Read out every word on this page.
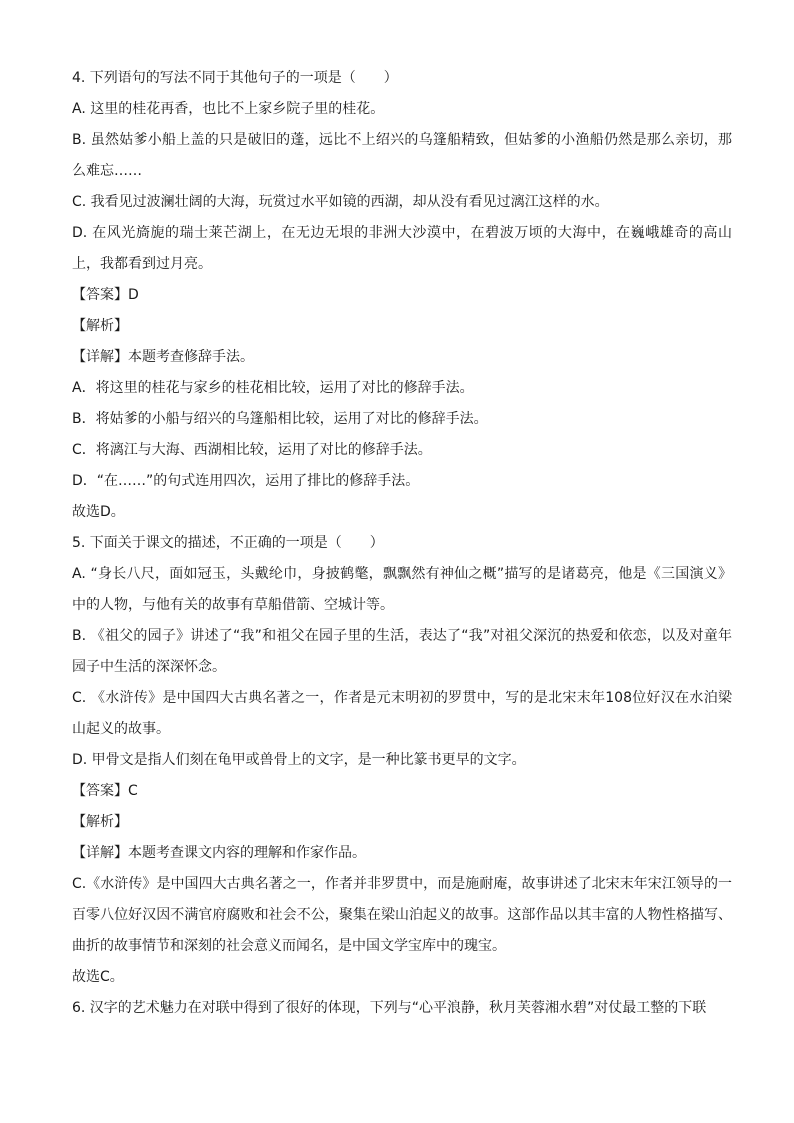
4. 下列语句的写法不同于其他句子的一项是（　　）
A. 这里的桂花再香，也比不上家乡院子里的桂花。
B. 虽然姑爹小船上盖的只是破旧的蓬，远比不上绍兴的乌篷船精致，但姑爹的小渔船仍然是那么亲切，那么难忘……
C. 我看见过波澜壮阔的大海，玩赏过水平如镜的西湖，却从没有看见过漓江这样的水。
D. 在风光旖旎的瑞士莱芒湖上，在无边无垠的非洲大沙漠中，在碧波万顷的大海中，在巍峨雄奇的高山上，我都看到过月亮。
【答案】D
【解析】
【详解】本题考查修辞手法。
A．将这里的桂花与家乡的桂花相比较，运用了对比的修辞手法。
B．将姑爹的小船与绍兴的乌篷船相比较，运用了对比的修辞手法。
C．将漓江与大海、西湖相比较，运用了对比的修辞手法。
D．“在……”的句式连用四次，运用了排比的修辞手法。
故选D。
5. 下面关于课文的描述，不正确的一项是（　　）
A. “身长八尺，面如冠玉，头戴纶巾，身披鹤氅，飘飘然有神仙之概”描写的是诸葛亮，他是《三国演义》中的人物，与他有关的故事有草船借箭、空城计等。
B. 《祖父的园子》讲述了“我”和祖父在园子里的生活，表达了“我”对祖父深沉的热爱和依恋，以及对童年园子中生活的深深怀念。
C. 《水浒传》是中国四大古典名著之一，作者是元末明初的罗贯中，写的是北宋末年108位好汉在水泊梁山起义的故事。
D. 甲骨文是指人们刻在龟甲或兽骨上的文字，是一种比篆书更早的文字。
【答案】C
【解析】
【详解】本题考查课文内容的理解和作家作品。
C.《水浒传》是中国四大古典名著之一，作者并非罗贯中，而是施耐庵，故事讲述了北宋末年宋江领导的一百零八位好汉因不满官府腐败和社会不公，聚集在梁山泊起义的故事。这部作品以其丰富的人物性格描写、曲折的故事情节和深刻的社会意义而闻名，是中国文学宝库中的瑰宝。
故选C。
6. 汉字的艺术魅力在对联中得到了很好的体现，下列与“心平浪静，秋月芙蓉湘水碧”对仗最工整的下联
